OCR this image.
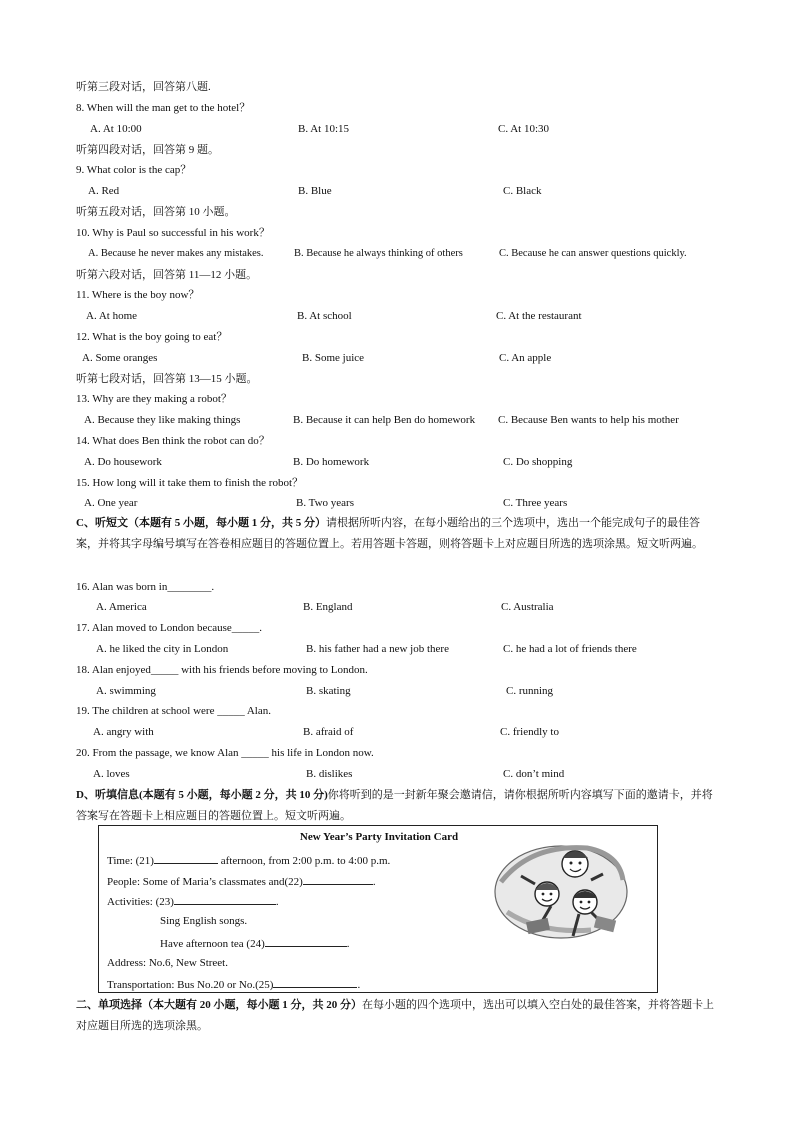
听第三段对话，回答第八题.
8. When will the man get to the hotel？
A. At 10:00	B. At 10:15	C. At 10:30
听第四段对话，回答第 9 题。
9. What color is the cap？
A. Red	B. Blue	C. Black
听第五段对话，回答第 10 小题。
10. Why is Paul so successful in his work？
A. Because he never makes any mistakes.	B. Because he always thinking of others	C. Because he can answer questions quickly.
听第六段对话，回答第 11—12 小题。
11. Where is the boy now？
A. At home	B. At school	C. At the restaurant
12. What is the boy going to eat？
A. Some oranges	B. Some juice	C. An apple
听第七段对话，回答第 13—15 小题。
13. Why are they making a robot？
A. Because they like making things	B. Because it can help Ben do homework C. Because Ben wants to help his mother
14. What does Ben think the robot can do？
A. Do housework	B. Do homework	C. Do shopping
15. How long will it take them to finish the robot？
A. One year	B. Two years	C. Three years
C、听短文（本题有 5 小题，每小题 1 分，共 5 分）请根据所听内容，在每小题给出的三个选项中，选出一个能完成句子的最佳答案，并将其字母编号填写在答卷相应题目的答题位置上。若用答题卡答题，则将答题卡上对应题目所选的选项涂黑。短文听两遍。
16. Alan was born in________.
A. America	B. England	C. Australia
17. Alan moved to London because_____.
A. he liked the city in London	B. his father had a new job there	C. he had a lot of friends there
18. Alan enjoyed_____ with his friends before moving to London.
A. swimming	B. skating	C. running
19. The children at school were _____ Alan.
A. angry with	B. afraid of	C. friendly to
20. From the passage, we know Alan _____ his life in London now.
A. loves	B. dislikes	C. don’t mind
D、听填信息(本题有 5 小题，每小题 2 分，共 10 分)你将听到的是一封新年聚会邀请信，请你根据所听内容填写下面的邀请卡，并将答案写在答题卡上相应题目的答题位置上。短文听两遍。
New Year’s Party Invitation Card
Time: (21)	afternoon, from 2:00 p.m. to 4:00 p.m.
People: Some of Maria’s classmates and(22)	.
Activities: (23)	.
Sing English songs.
Have afternoon tea (24)	.
Address: No.6, New Street.
Transportation: Bus No.20 or No.(25)	.
二、单项选择（本大题有 20 小题，每小题 1 分，共 20 分）在每小题的四个选项中，选出可以填入空白处的最佳答案，并将答题卡上对应题目所选的选项涂黑。
